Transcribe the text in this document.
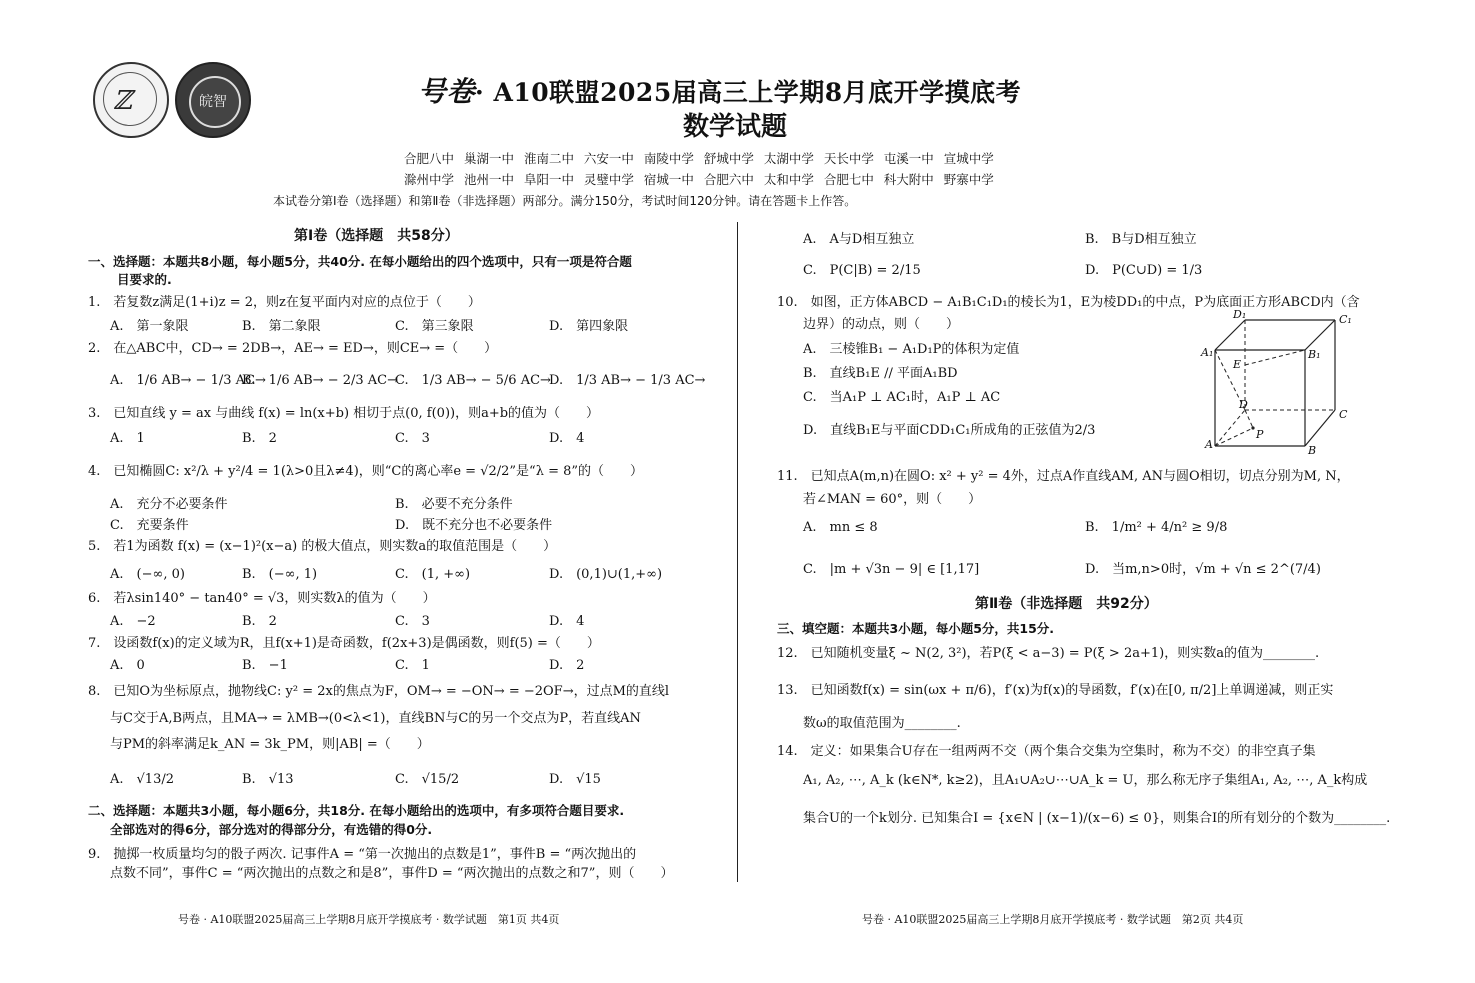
ℤ	皖智	号卷· A10联盟2025届高三上学期8月底开学摸底考
数学试题
合肥八中 巢湖一中 淮南二中 六安一中 南陵中学 舒城中学 太湖中学 天长中学 屯溪一中 宣城中学
滁州中学 池州一中 阜阳一中 灵璧中学 宿城一中 合肥六中 太和中学 合肥七中 科大附中 野寨中学
本试卷分第Ⅰ卷（选择题）和第Ⅱ卷（非选择题）两部分。满分150分，考试时间120分钟。请在答题卡上作答。
第Ⅰ卷（选择题　共58分）
一、选择题：本题共8小题，每小题5分，共40分. 在每小题给出的四个选项中，只有一项是符合题
目要求的.
1.　若复数z满足(1+i)z = 2，则z在复平面内对应的点位于（　　）
A.　第一象限	B.　第二象限	C.　第三象限	D.　第四象限
2.　在△ABC中，CD→ = 2DB→，AE→ = ED→，则CE→ =（　　）
A.　1/6 AB→ − 1/3 AC→
B.　1/6 AB→ − 2/3 AC→
C.　1/3 AB→ − 5/6 AC→
D.　1/3 AB→ − 1/3 AC→
3.　已知直线 y = ax 与曲线 f(x) = ln(x+b) 相切于点(0, f(0))，则a+b的值为（　　）
A.　1	B.　2	C.　3	D.　4
4.　已知椭圆C: x²/λ + y²/4 = 1(λ>0且λ≠4)，则“C的离心率e = √2/2”是“λ = 8”的（　　）
A.　充分不必要条件	B.　必要不充分条件
C.　充要条件	D.　既不充分也不必要条件
5.　若1为函数 f(x) = (x−1)²(x−a) 的极大值点，则实数a的取值范围是（　　）
A.　(−∞, 0)	B.　(−∞, 1)	C.　(1, +∞)	D.　(0,1)∪(1,+∞)
6.　若λsin140° − tan40° = √3，则实数λ的值为（　　）
A.　−2	B.　2	C.　3	D.　4
7.　设函数f(x)的定义域为R，且f(x+1)是奇函数，f(2x+3)是偶函数，则f(5) =（　　）
A.　0	B.　−1	C.　1	D.　2
8.　已知O为坐标原点，抛物线C: y² = 2x的焦点为F，OM→ = −ON→ = −2OF→，过点M的直线l
与C交于A,B两点，且MA→ = λMB→(0<λ<1)，直线BN与C的另一个交点为P，若直线AN
与PM的斜率满足k_AN = 3k_PM，则|AB| =（　　）
A.　√13/2	B.　√13	C.　√15/2	D.　√15
二、选择题：本题共3小题，每小题6分，共18分. 在每小题给出的选项中，有多项符合题目要求.
全部选对的得6分，部分选对的得部分分，有选错的得0分.
9.　抛掷一枚质量均匀的骰子两次. 记事件A = “第一次抛出的点数是1”，事件B = “两次抛出的
点数不同”，事件C = “两次抛出的点数之和是8”，事件D = “两次抛出的点数之和7”，则（　　）
A.　A与D相互独立	B.　B与D相互独立
C.　P(C|B) = 2/15	D.　P(C∪D) = 1/3
10.　如图，正方体ABCD − A₁B₁C₁D₁的棱长为1，E为棱DD₁的中点，P为底面正方形ABCD内（含
边界）的动点，则（　　）
A.　三棱锥B₁ − A₁D₁P的体积为定值
B.　直线B₁E // 平面A₁BD
C.　当A₁P ⊥ AC₁时，A₁P ⊥ AC
D.　直线B₁E与平面CDD₁C₁所成角的正弦值为2/3
D₁	C₁
A₁	B₁
E
D
C
A
P
B
11.　已知点A(m,n)在圆O: x² + y² = 4外，过点A作直线AM, AN与圆O相切，切点分别为M, N，
若∠MAN = 60°，则（　　）
A.　mn ≤ 8	B.　1/m² + 4/n² ≥ 9/8
C.　|m + √3n − 9| ∈ [1,17]	D.　当m,n>0时，√m + √n ≤ 2^(7/4)
第Ⅱ卷（非选择题　共92分）
三、填空题：本题共3小题，每小题5分，共15分.
12.　已知随机变量ξ ~ N(2, 3²)，若P(ξ < a−3) = P(ξ > 2a+1)，则实数a的值为________.
13.　已知函数f(x) = sin(ωx + π/6)，f′(x)为f(x)的导函数，f′(x)在[0, π/2]上单调递减，则正实
数ω的取值范围为________.
14.　定义：如果集合U存在一组两两不交（两个集合交集为空集时，称为不交）的非空真子集
A₁, A₂, ⋯, A_k (k∈N*, k≥2)，且A₁∪A₂∪⋯∪A_k = U，那么称无序子集组A₁, A₂, ⋯, A_k构成
集合U的一个k划分. 已知集合I = {x∈N | (x−1)/(x−6) ≤ 0}，则集合I的所有划分的个数为________.
号卷 · A10联盟2025届高三上学期8月底开学摸底考 · 数学试题　第1页 共4页	号卷 · A10联盟2025届高三上学期8月底开学摸底考 · 数学试题　第2页 共4页
